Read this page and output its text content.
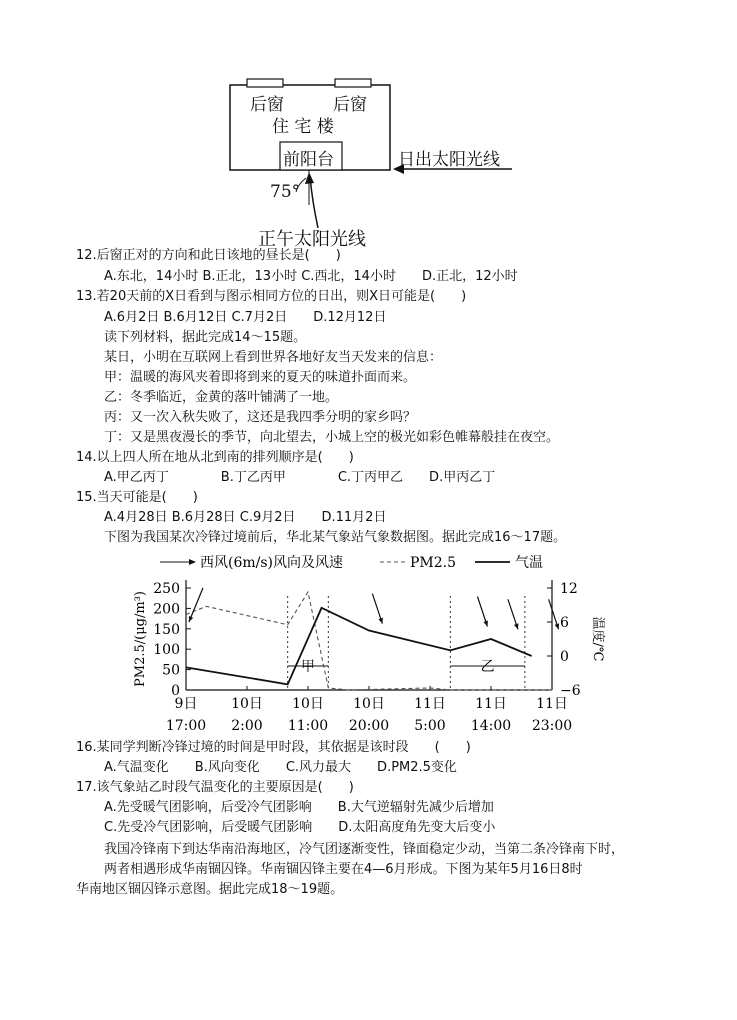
后窗	后窗
住 宅 楼
前阳台	日出太阳光线
75°
正午太阳光线
12.后窗正对的方向和此日该地的昼长是(　　)
A.东北，14小时 B.正北，13小时 C.西北，14小时　　D.正北，12小时
13.若20天前的X日看到与图示相同方位的日出，则X日可能是(　　)
A.6月2日 B.6月12日 C.7月2日　　D.12月12日
读下列材料，据此完成14～15题。
某日，小明在互联网上看到世界各地好友当天发来的信息：
甲：温暖的海风夹着即将到来的夏天的味道扑面而来。
乙：冬季临近，金黄的落叶铺满了一地。
丙：又一次入秋失败了，这还是我四季分明的家乡吗？
丁：又是黑夜漫长的季节，向北望去，小城上空的极光如彩色帷幕般挂在夜空。
14.以上四人所在地从北到南的排列顺序是(　　)
A.甲乙丙丁　　　　B.丁乙丙甲　　　　C.丁丙甲乙　　D.甲丙乙丁
15.当天可能是(　　)
A.4月28日 B.6月28日 C.9月2日　　D.11月2日
下图为我国某次冷锋过境前后，华北某气象站气象数据图。据此完成16～17题。
0
50
100
150
200
250	12
6
0
−6
PM2.5/(μg/m³)	温度/℃
9日
17:00
10日
2:00
10日
11:00
10日
20:00
11日
5:00
11日
14:00
11日
23:00
甲	乙
西风(6m/s)风向及风速	PM2.5	气温
16.某同学判断冷锋过境的时间是甲时段，其依据是该时段　　(　　)
A.气温变化　　B.风向变化　　C.风力最大　　D.PM2.5变化
17.该气象站乙时段气温变化的主要原因是(　　)
A.先受暖气团影响，后受冷气团影响　　B.大气逆辐射先减少后增加
C.先受冷气团影响，后受暖气团影响　　D.太阳高度角先变大后变小
我国冷锋南下到达华南沿海地区，冷气团逐渐变性，锋面稳定少动，当第二条冷锋南下时，
两者相遇形成华南锢囚锋。华南锢囚锋主要在4—6月形成。下图为某年5月16日8时
华南地区锢囚锋示意图。据此完成18～19题。
